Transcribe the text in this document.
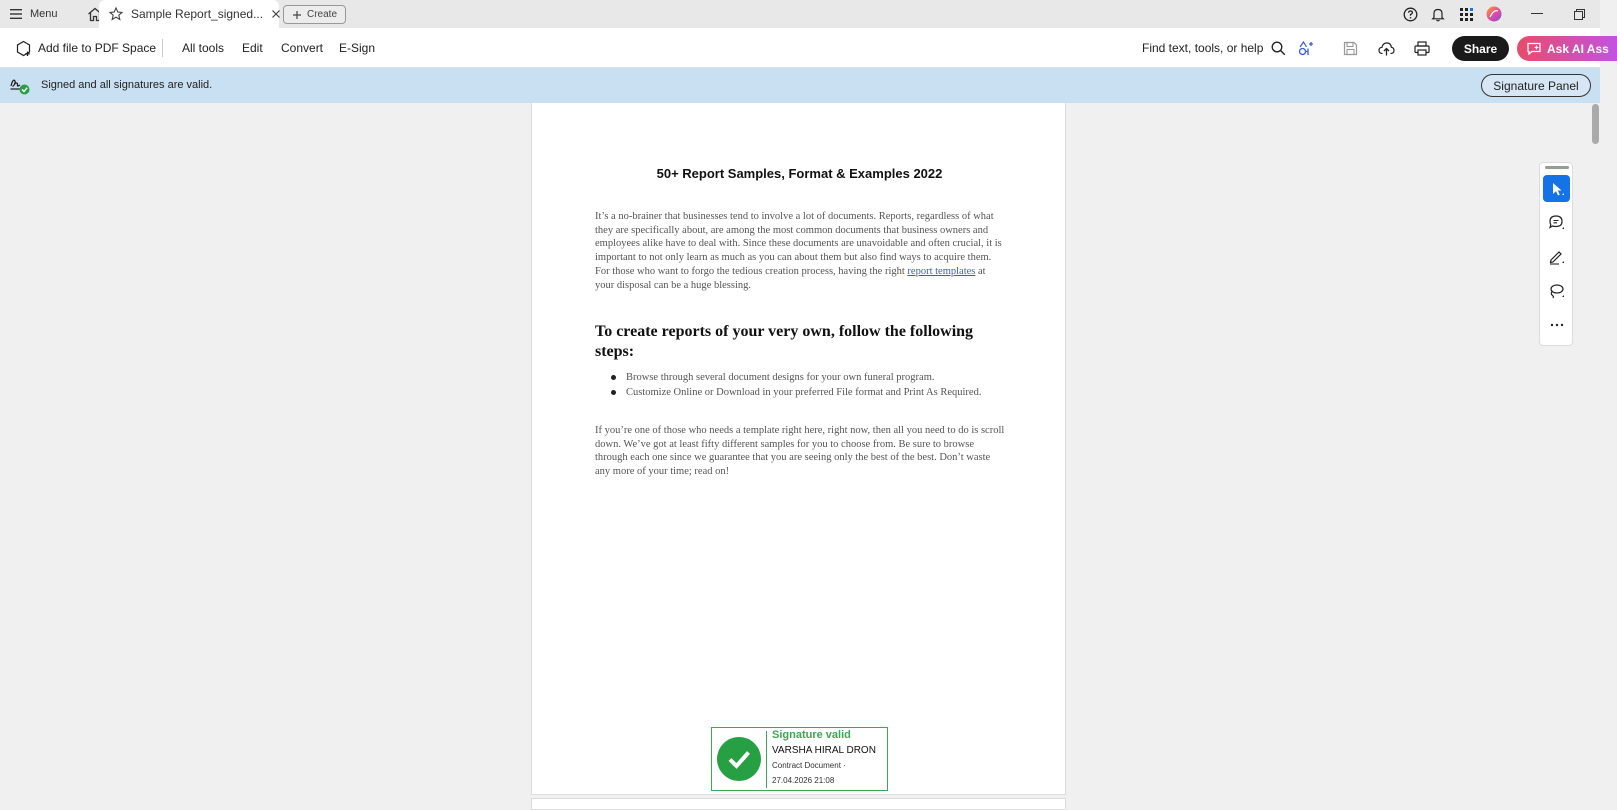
Menu	Sample Report_signed...	Create
Add file to PDF Space All tools Edit Convert E-Sign	Find text, tools, or help	Share	Ask AI Ass
Signed and all signatures are valid.	Signature Panel
50+ Report Samples, Format & Examples 2022
It’s a no-brainer that businesses tend to involve a lot of documents. Reports, regardless of what they are specifically about, are among the most common documents that business owners and employees alike have to deal with. Since these documents are unavoidable and often crucial, it is important to not only learn as much as you can about them but also find ways to acquire them. For those who want to forgo the tedious creation process, having the right report templates at your disposal can be a huge blessing.
To create reports of your very own, follow the following steps:
Browse through several document designs for your own funeral program.
Customize Online or Download in your preferred File format and Print As Required.
If you’re one of those who needs a template right here, right now, then all you need to do is scroll down. We’ve got at least fifty different samples for you to choose from. Be sure to browse through each one since we guarantee that you are seeing only the best of the best. Don’t waste any more of your time; read on!
Signature valid
VARSHA HIRAL DRON
Contract Document ·
27.04.2026 21:08
